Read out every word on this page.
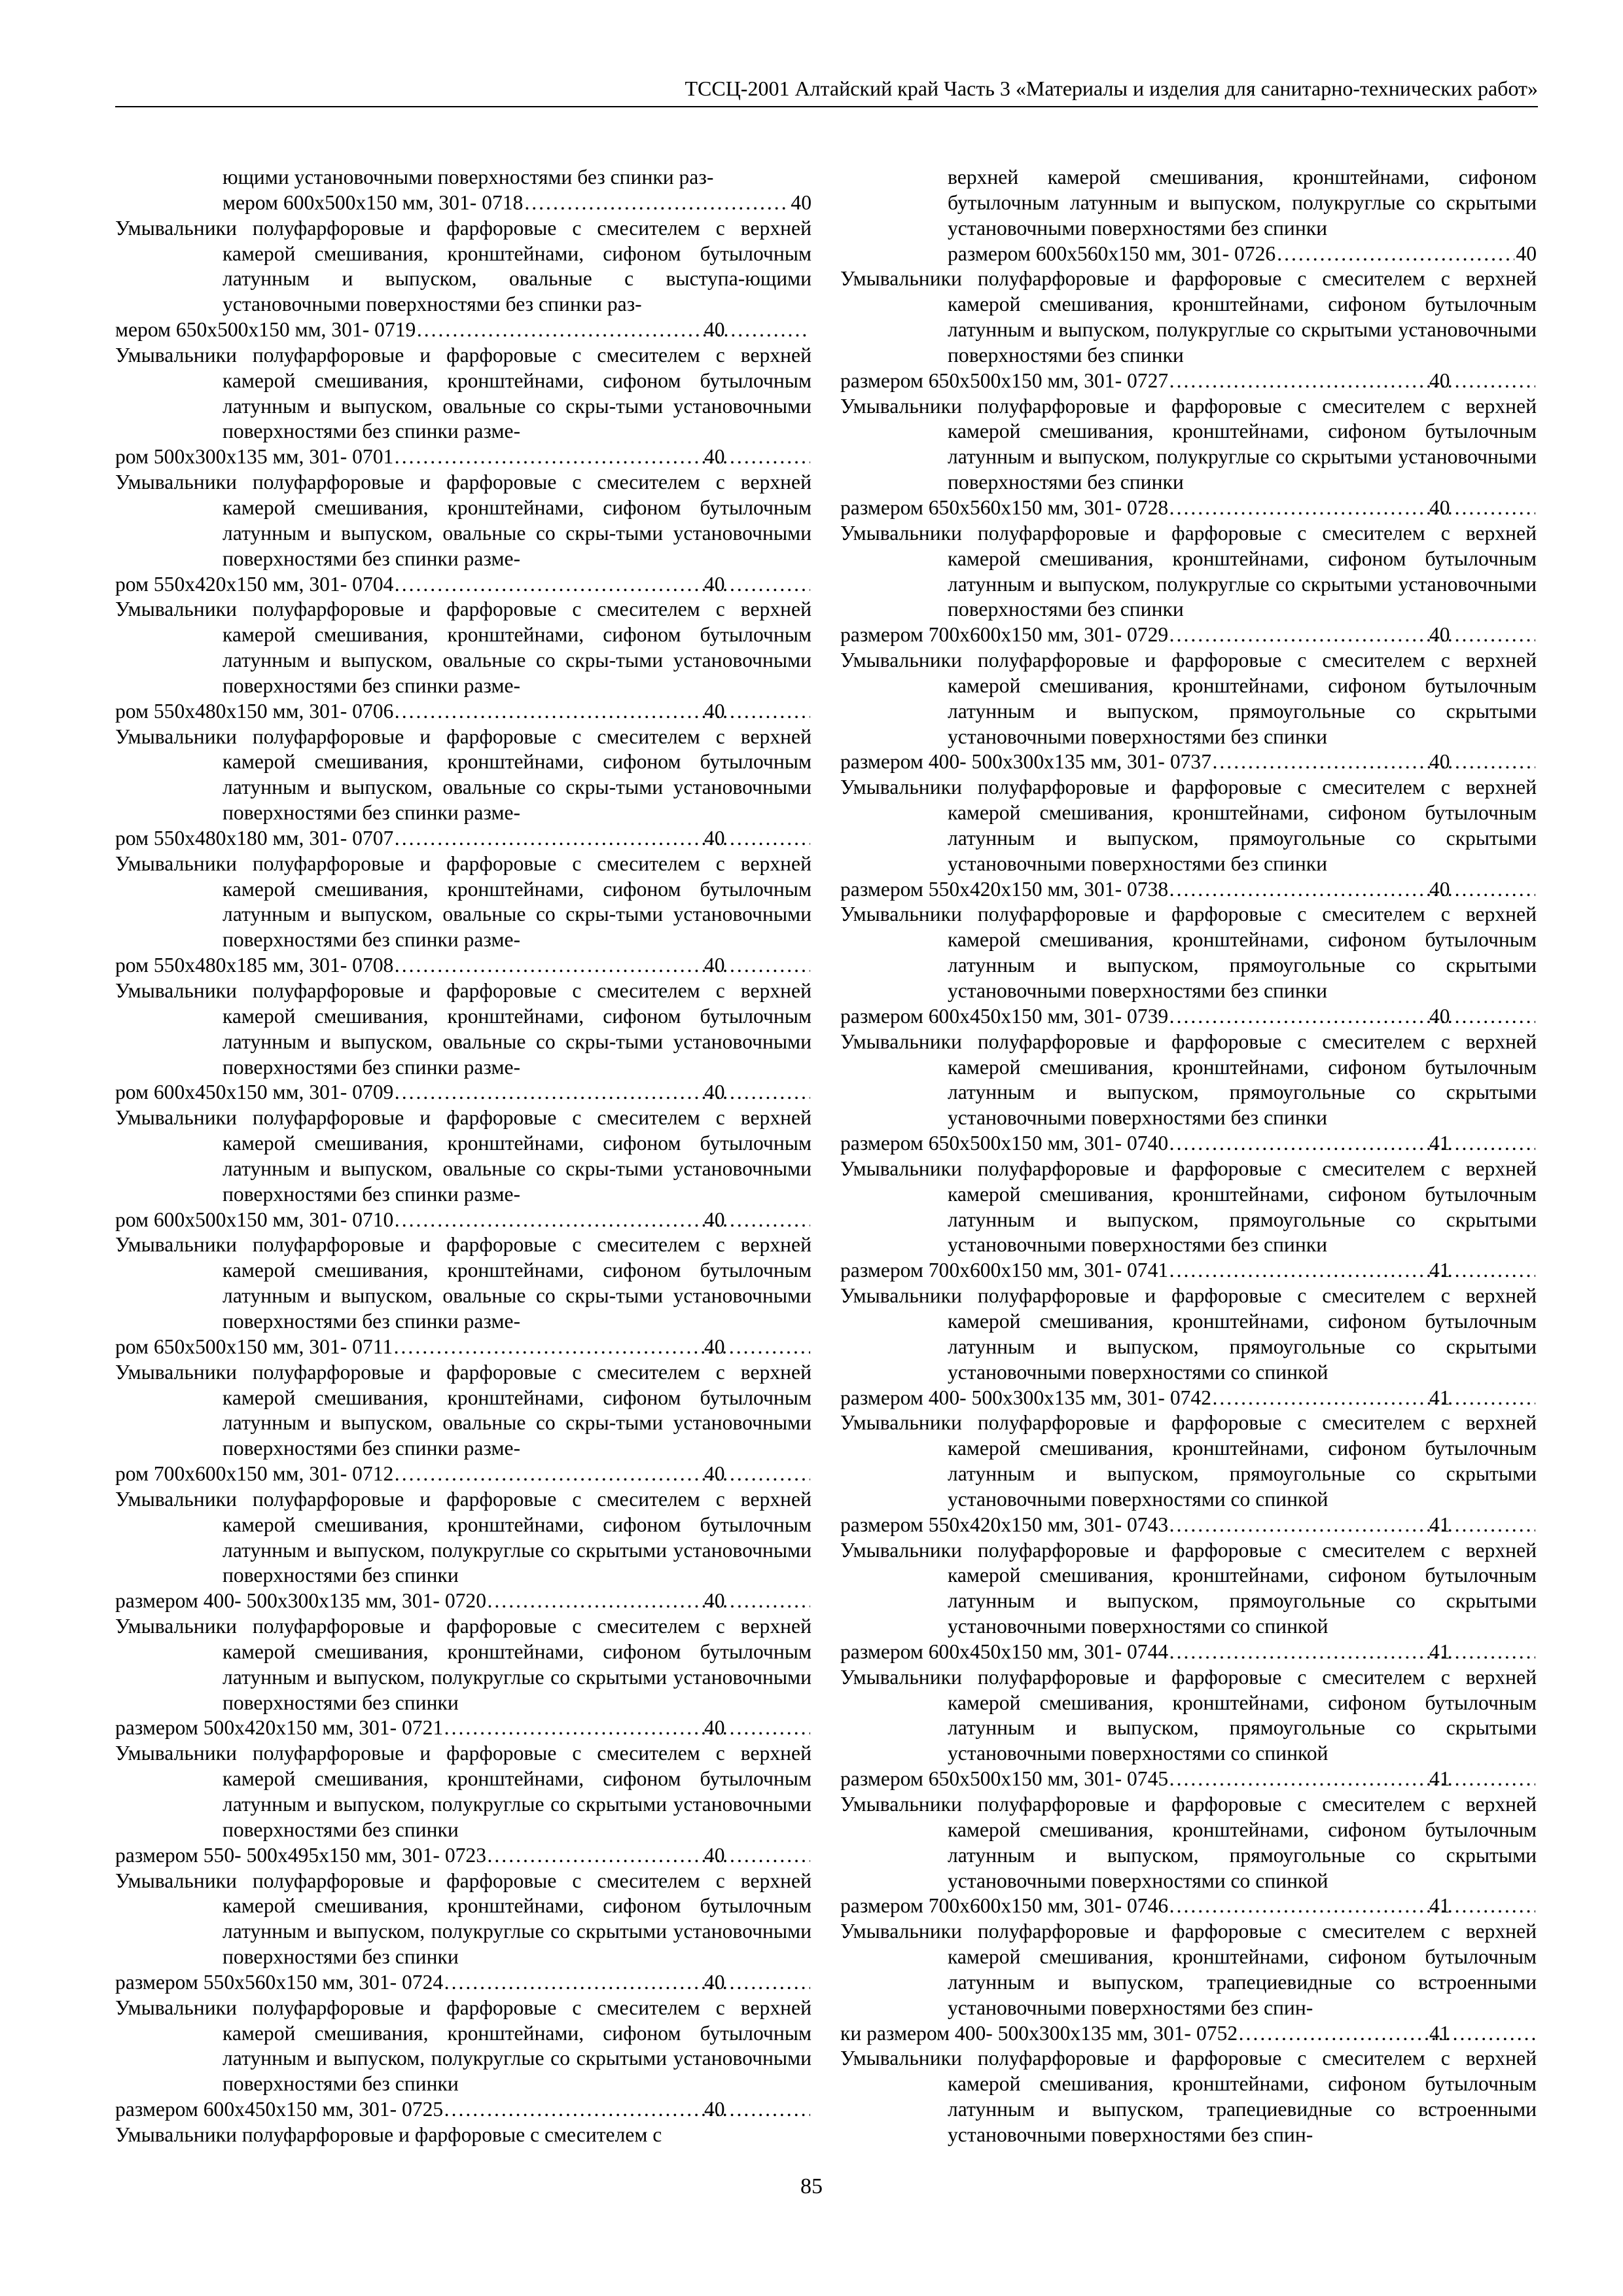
ТССЦ-2001 Алтайский край Часть 3 «Материалы и изделия для санитарно-технических работ»
ющими установочными поверхностями без спинки раз-
мером 600x500x150 мм, 301- 0718 .....	40
Умывальники полуфарфоровые и фарфоровые с смесителем с верхней камерой смешивания, кронштейнами, сифоном бутылочным латунным и выпуском, овальные с выступа-ющими установочными поверхностями без спинки раз-
мером 650x500x150 мм, 301- 0719 .....	40
Умывальники полуфарфоровые и фарфоровые с смесителем с верхней камерой смешивания, кронштейнами, сифоном бутылочным латунным и выпуском, овальные со скры-тыми установочными поверхностями без спинки разме-
ром 500x300x135 мм, 301- 0701 .....	40
Умывальники полуфарфоровые и фарфоровые с смесителем с верхней камерой смешивания, кронштейнами, сифоном бутылочным латунным и выпуском, овальные со скры-тыми установочными поверхностями без спинки разме-
ром 550x420x150 мм, 301- 0704 .....	40
Умывальники полуфарфоровые и фарфоровые с смесителем с верхней камерой смешивания, кронштейнами, сифоном бутылочным латунным и выпуском, овальные со скры-тыми установочными поверхностями без спинки разме-
ром 550x480x150 мм, 301- 0706 .....	40
Умывальники полуфарфоровые и фарфоровые с смесителем с верхней камерой смешивания, кронштейнами, сифоном бутылочным латунным и выпуском, овальные со скры-тыми установочными поверхностями без спинки разме-
ром 550x480x180 мм, 301- 0707 .....	40
Умывальники полуфарфоровые и фарфоровые с смесителем с верхней камерой смешивания, кронштейнами, сифоном бутылочным латунным и выпуском, овальные со скры-тыми установочными поверхностями без спинки разме-
ром 550x480x185 мм, 301- 0708 .....	40
Умывальники полуфарфоровые и фарфоровые с смесителем с верхней камерой смешивания, кронштейнами, сифоном бутылочным латунным и выпуском, овальные со скры-тыми установочными поверхностями без спинки разме-
ром 600x450x150 мм, 301- 0709 .....	40
Умывальники полуфарфоровые и фарфоровые с смесителем с верхней камерой смешивания, кронштейнами, сифоном бутылочным латунным и выпуском, овальные со скры-тыми установочными поверхностями без спинки разме-
ром 600x500x150 мм, 301- 0710 .....	40
Умывальники полуфарфоровые и фарфоровые с смесителем с верхней камерой смешивания, кронштейнами, сифоном бутылочным латунным и выпуском, овальные со скры-тыми установочными поверхностями без спинки разме-
ром 650x500x150 мм, 301- 0711 .....	40
Умывальники полуфарфоровые и фарфоровые с смесителем с верхней камерой смешивания, кронштейнами, сифоном бутылочным латунным и выпуском, овальные со скры-тыми установочными поверхностями без спинки разме-
ром 700x600x150 мм, 301- 0712 .....	40
Умывальники полуфарфоровые и фарфоровые с смесителем с верхней камерой смешивания, кронштейнами, сифоном бутылочным латунным и выпуском, полукруглые со скрытыми установочными поверхностями без спинки
размером 400- 500x300x135 мм, 301- 0720 .....	40
Умывальники полуфарфоровые и фарфоровые с смесителем с верхней камерой смешивания, кронштейнами, сифоном бутылочным латунным и выпуском, полукруглые со скрытыми установочными поверхностями без спинки
размером 500x420x150 мм, 301- 0721 .....	40
Умывальники полуфарфоровые и фарфоровые с смесителем с верхней камерой смешивания, кронштейнами, сифоном бутылочным латунным и выпуском, полукруглые со скрытыми установочными поверхностями без спинки
размером 550- 500x495x150 мм, 301- 0723 .....	40
Умывальники полуфарфоровые и фарфоровые с смесителем с верхней камерой смешивания, кронштейнами, сифоном бутылочным латунным и выпуском, полукруглые со скрытыми установочными поверхностями без спинки
размером 550x560x150 мм, 301- 0724 .....	40
Умывальники полуфарфоровые и фарфоровые с смесителем с верхней камерой смешивания, кронштейнами, сифоном бутылочным латунным и выпуском, полукруглые со скрытыми установочными поверхностями без спинки
размером 600x450x150 мм, 301- 0725 .....	40
Умывальники полуфарфоровые и фарфоровые с смесителем с
верхней камерой смешивания, кронштейнами, сифоном бутылочным латунным и выпуском, полукруглые со скрытыми установочными поверхностями без спинки
размером 600x560x150 мм, 301- 0726 .....	40
Умывальники полуфарфоровые и фарфоровые с смесителем с верхней камерой смешивания, кронштейнами, сифоном бутылочным латунным и выпуском, полукруглые со скрытыми установочными поверхностями без спинки
размером 650x500x150 мм, 301- 0727 .....	40
Умывальники полуфарфоровые и фарфоровые с смесителем с верхней камерой смешивания, кронштейнами, сифоном бутылочным латунным и выпуском, полукруглые со скрытыми установочными поверхностями без спинки
размером 650x560x150 мм, 301- 0728 .....	40
Умывальники полуфарфоровые и фарфоровые с смесителем с верхней камерой смешивания, кронштейнами, сифоном бутылочным латунным и выпуском, полукруглые со скрытыми установочными поверхностями без спинки
размером 700x600x150 мм, 301- 0729 .....	40
Умывальники полуфарфоровые и фарфоровые с смесителем с верхней камерой смешивания, кронштейнами, сифоном бутылочным латунным и выпуском, прямоугольные со скрытыми установочными поверхностями без спинки
размером 400- 500x300x135 мм, 301- 0737 .....	40
Умывальники полуфарфоровые и фарфоровые с смесителем с верхней камерой смешивания, кронштейнами, сифоном бутылочным латунным и выпуском, прямоугольные со скрытыми установочными поверхностями без спинки
размером 550x420x150 мм, 301- 0738 .....	40
Умывальники полуфарфоровые и фарфоровые с смесителем с верхней камерой смешивания, кронштейнами, сифоном бутылочным латунным и выпуском, прямоугольные со скрытыми установочными поверхностями без спинки
размером 600x450x150 мм, 301- 0739 .....	40
Умывальники полуфарфоровые и фарфоровые с смесителем с верхней камерой смешивания, кронштейнами, сифоном бутылочным латунным и выпуском, прямоугольные со скрытыми установочными поверхностями без спинки
размером 650x500x150 мм, 301- 0740 .....	41
Умывальники полуфарфоровые и фарфоровые с смесителем с верхней камерой смешивания, кронштейнами, сифоном бутылочным латунным и выпуском, прямоугольные со скрытыми установочными поверхностями без спинки
размером 700x600x150 мм, 301- 0741 .....	41
Умывальники полуфарфоровые и фарфоровые с смесителем с верхней камерой смешивания, кронштейнами, сифоном бутылочным латунным и выпуском, прямоугольные со скрытыми установочными поверхностями со спинкой
размером 400- 500x300x135 мм, 301- 0742 .....	41
Умывальники полуфарфоровые и фарфоровые с смесителем с верхней камерой смешивания, кронштейнами, сифоном бутылочным латунным и выпуском, прямоугольные со скрытыми установочными поверхностями со спинкой
размером 550x420x150 мм, 301- 0743 .....	41
Умывальники полуфарфоровые и фарфоровые с смесителем с верхней камерой смешивания, кронштейнами, сифоном бутылочным латунным и выпуском, прямоугольные со скрытыми установочными поверхностями со спинкой
размером 600x450x150 мм, 301- 0744 .....	41
Умывальники полуфарфоровые и фарфоровые с смесителем с верхней камерой смешивания, кронштейнами, сифоном бутылочным латунным и выпуском, прямоугольные со скрытыми установочными поверхностями со спинкой
размером 650x500x150 мм, 301- 0745 .....	41
Умывальники полуфарфоровые и фарфоровые с смесителем с верхней камерой смешивания, кронштейнами, сифоном бутылочным латунным и выпуском, прямоугольные со скрытыми установочными поверхностями со спинкой
размером 700x600x150 мм, 301- 0746 .....	41
Умывальники полуфарфоровые и фарфоровые с смесителем с верхней камерой смешивания, кронштейнами, сифоном бутылочным латунным и выпуском, трапециевидные со встроенными установочными поверхностями без спин-
ки размером 400- 500x300x135 мм, 301- 0752 .....	41
Умывальники полуфарфоровые и фарфоровые с смесителем с верхней камерой смешивания, кронштейнами, сифоном бутылочным латунным и выпуском, трапециевидные со встроенными установочными поверхностями без спин-
85
